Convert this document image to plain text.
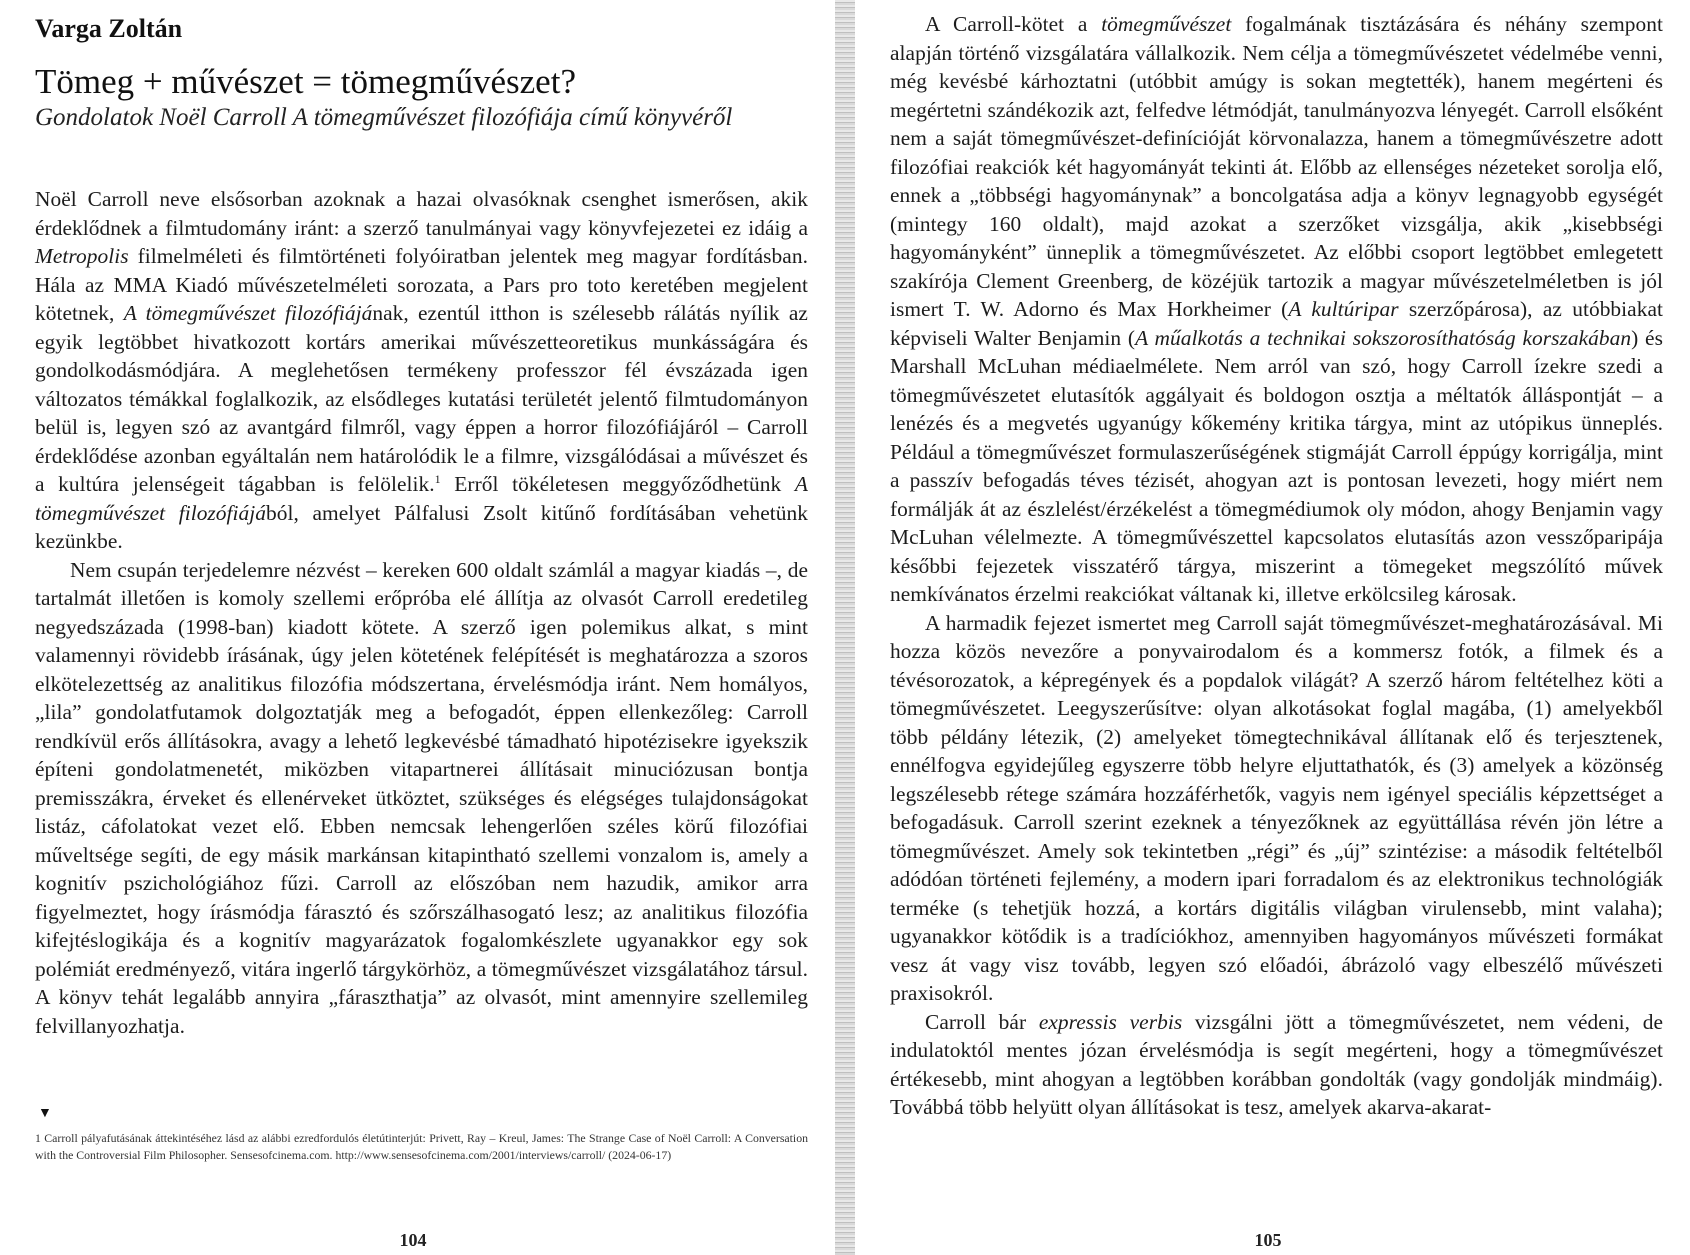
Varga Zoltán
Tömeg + művészet = tömegművészet?
Gondolatok Noël Carroll A tömegművészet filozófiája című könyvéről

Noël Carroll neve elsősorban azoknak a hazai olvasóknak csenghet ismerősen, akik érdeklődnek a filmtudomány iránt: a szerző tanulmányai vagy könyvfejezetei ez idáig a Metropolis filmelméleti és filmtörténeti folyóiratban jelentek meg magyar fordításban. Hála az MMA Kiadó művészetelméleti sorozata, a Pars pro toto keretében megjelent kötetnek, A tömegművészet filozófiájának, ezentúl itthon is szélesebb rálátás nyílik az egyik legtöbbet hivatkozott kortárs amerikai művészetteoretikus munkásságára és gondolkodásmódjára. A meglehetősen termékeny professzor fél évszázada igen változatos témákkal foglalkozik, az elsődleges kutatási területét jelentő filmtudományon belül is, legyen szó az avantgárd filmről, vagy éppen a horror filozófiájáról – Carroll érdeklődése azonban egyáltalán nem határolódik le a filmre, vizsgálódásai a művészet és a kultúra jelenségeit tágabban is felölelik.$^1$ Erről tökéletesen meggyőződhetünk A tömegművészet filozófiájából, amelyet Pálfalusi Zsolt kitűnő fordításában vehetünk kezünkbe.

Nem csupán terjedelemre nézvést – kereken 600 oldalt számlál a magyar kiadás –, de tartalmát illetően is komoly szellemi erőpróba elé állítja az olvasót Carroll eredetileg negyedszázada (1998-ban) kiadott kötete. A szerző igen polemikus alkat, s mint valamennyi rövidebb írásának, úgy jelen kötetének felépítését is meghatározza a szoros elkötelezettség az analitikus filozófia módszertana, érvelésmódja iránt. Nem homályos, „lila” gondolatfutamok dolgoztatják meg a befogadót, éppen ellenkezőleg: Carroll rendkívül erős állításokra, avagy a lehető legkevésbé támadható hipotézisekre igyekszik építeni gondolatmenetét, miközben vitapartnerei állításait minuciózusan bontja premisszákra, érveket és ellenérveket ütköztet, szükséges és elégséges tulajdonságokat listáz, cáfolatokat vezet elő. Ebben nemcsak lehengerlően széles körű filozófiai műveltsége segíti, de egy másik markánsan kitapintható szellemi vonzalom is, amely a kognitív pszichológiához fűzi. Carroll az előszóban nem hazudik, amikor arra figyelmeztet, hogy írásmódja fárasztó és szőrszálhasogató lesz; az analitikus filozófia kifejtéslogikája és a kognitív magyarázatok fogalomkészlete ugyanakkor egy sok polémiát eredményező, vitára ingerlő tárgykörhöz, a tömegművészet vizsgálatához társul. A könyv tehát legalább annyira „fáraszthatja” az olvasót, mint amennyire szellemileg felvillanyozhatja.

▼
1 Carroll pályafutásának áttekintéséhez lásd az alábbi ezredfordulós életútinterjút: Privett, Ray – Kreul, James: The Strange Case of Noël Carroll: A Conversation with the Controversial Film Philosopher. Sensesofcinema.com. http://www.sensesofcinema.com/2001/interviews/carroll/ (2024-06-17)
104

A Carroll-kötet a tömegművészet fogalmának tisztázására és néhány szempont alapján történő vizsgálatára vállalkozik. Nem célja a tömegművészetet védelmébe venni, még kevésbé kárhoztatni (utóbbit amúgy is sokan megtették), hanem megérteni és megértetni szándékozik azt, felfedve létmódját, tanulmányozva lényegét. Carroll elsőként nem a saját tömegművészet-definícióját körvonalazza, hanem a tömegművészetre adott filozófiai reakciók két hagyományát tekinti át. Előbb az ellenséges nézeteket sorolja elő, ennek a „többségi hagyománynak” a boncolgatása adja a könyv legnagyobb egységét (mintegy 160 oldalt), majd azokat a szerzőket vizsgálja, akik „kisebbségi hagyományként” ünneplik a tömegművészetet. Az előbbi csoport legtöbbet emlegetett szakírója Clement Greenberg, de közéjük tartozik a magyar művészetelméletben is jól ismert T. W. Adorno és Max Horkheimer (A kultúripar szerzőpárosa), az utóbbiakat képviseli Walter Benjamin (A műalkotás a technikai sokszorosíthatóság korszakában) és Marshall McLuhan médiaelmélete. Nem arról van szó, hogy Carroll ízekre szedi a tömegművészetet elutasítók aggályait és boldogon osztja a méltatók álláspontját – a lenézés és a megvetés ugyanúgy kőkemény kritika tárgya, mint az utópikus ünneplés. Például a tömegművészet formulaszerűségének stigmáját Carroll éppúgy korrigálja, mint a passzív befogadás téves tézisét, ahogyan azt is pontosan levezeti, hogy miért nem formálják át az észlelést/érzékelést a tömegmédiumok oly módon, ahogy Benjamin vagy McLuhan vélelmezte. A tömegművészettel kapcsolatos elutasítás azon vesszőparipája későbbi fejezetek visszatérő tárgya, miszerint a tömegeket megszólító művek nemkívánatos érzelmi reakciókat váltanak ki, illetve erkölcsileg károsak.

A harmadik fejezet ismertet meg Carroll saját tömegművészet-meghatározásával. Mi hozza közös nevezőre a ponyvairodalom és a kommersz fotók, a filmek és a tévésorozatok, a képregények és a popdalok világát? A szerző három feltételhez köti a tömegművészetet. Leegyszerűsítve: olyan alkotásokat foglal magába, (1) amelyekből több példány létezik, (2) amelyeket tömegtechnikával állítanak elő és terjesztenek, ennélfogva egyidejűleg egyszerre több helyre eljuttathatók, és (3) amelyek a közönség legszélesebb rétege számára hozzáférhetők, vagyis nem igényel speciális képzettséget a befogadásuk. Carroll szerint ezeknek a tényezőknek az együttállása révén jön létre a tömegművészet. Amely sok tekintetben „régi” és „új” szintézise: a második feltételből adódóan történeti fejlemény, a modern ipari forradalom és az elektronikus technológiák terméke (s tehetjük hozzá, a kortárs digitális világban virulensebb, mint valaha); ugyanakkor kötődik is a tradíciókhoz, amennyiben hagyományos művészeti formákat vesz át vagy visz tovább, legyen szó előadói, ábrázoló vagy elbeszélő művészeti praxisokról.

Carroll bár expressis verbis vizsgálni jött a tömegművészetet, nem védeni, de indulatoktól mentes józan érvelésmódja is segít megérteni, hogy a tömegművészet értékesebb, mint ahogyan a legtöbben korábban gondolták (vagy gondolják mindmáig). Továbbá több helyütt olyan állításokat is tesz, amelyek akarva-akarat-

105
